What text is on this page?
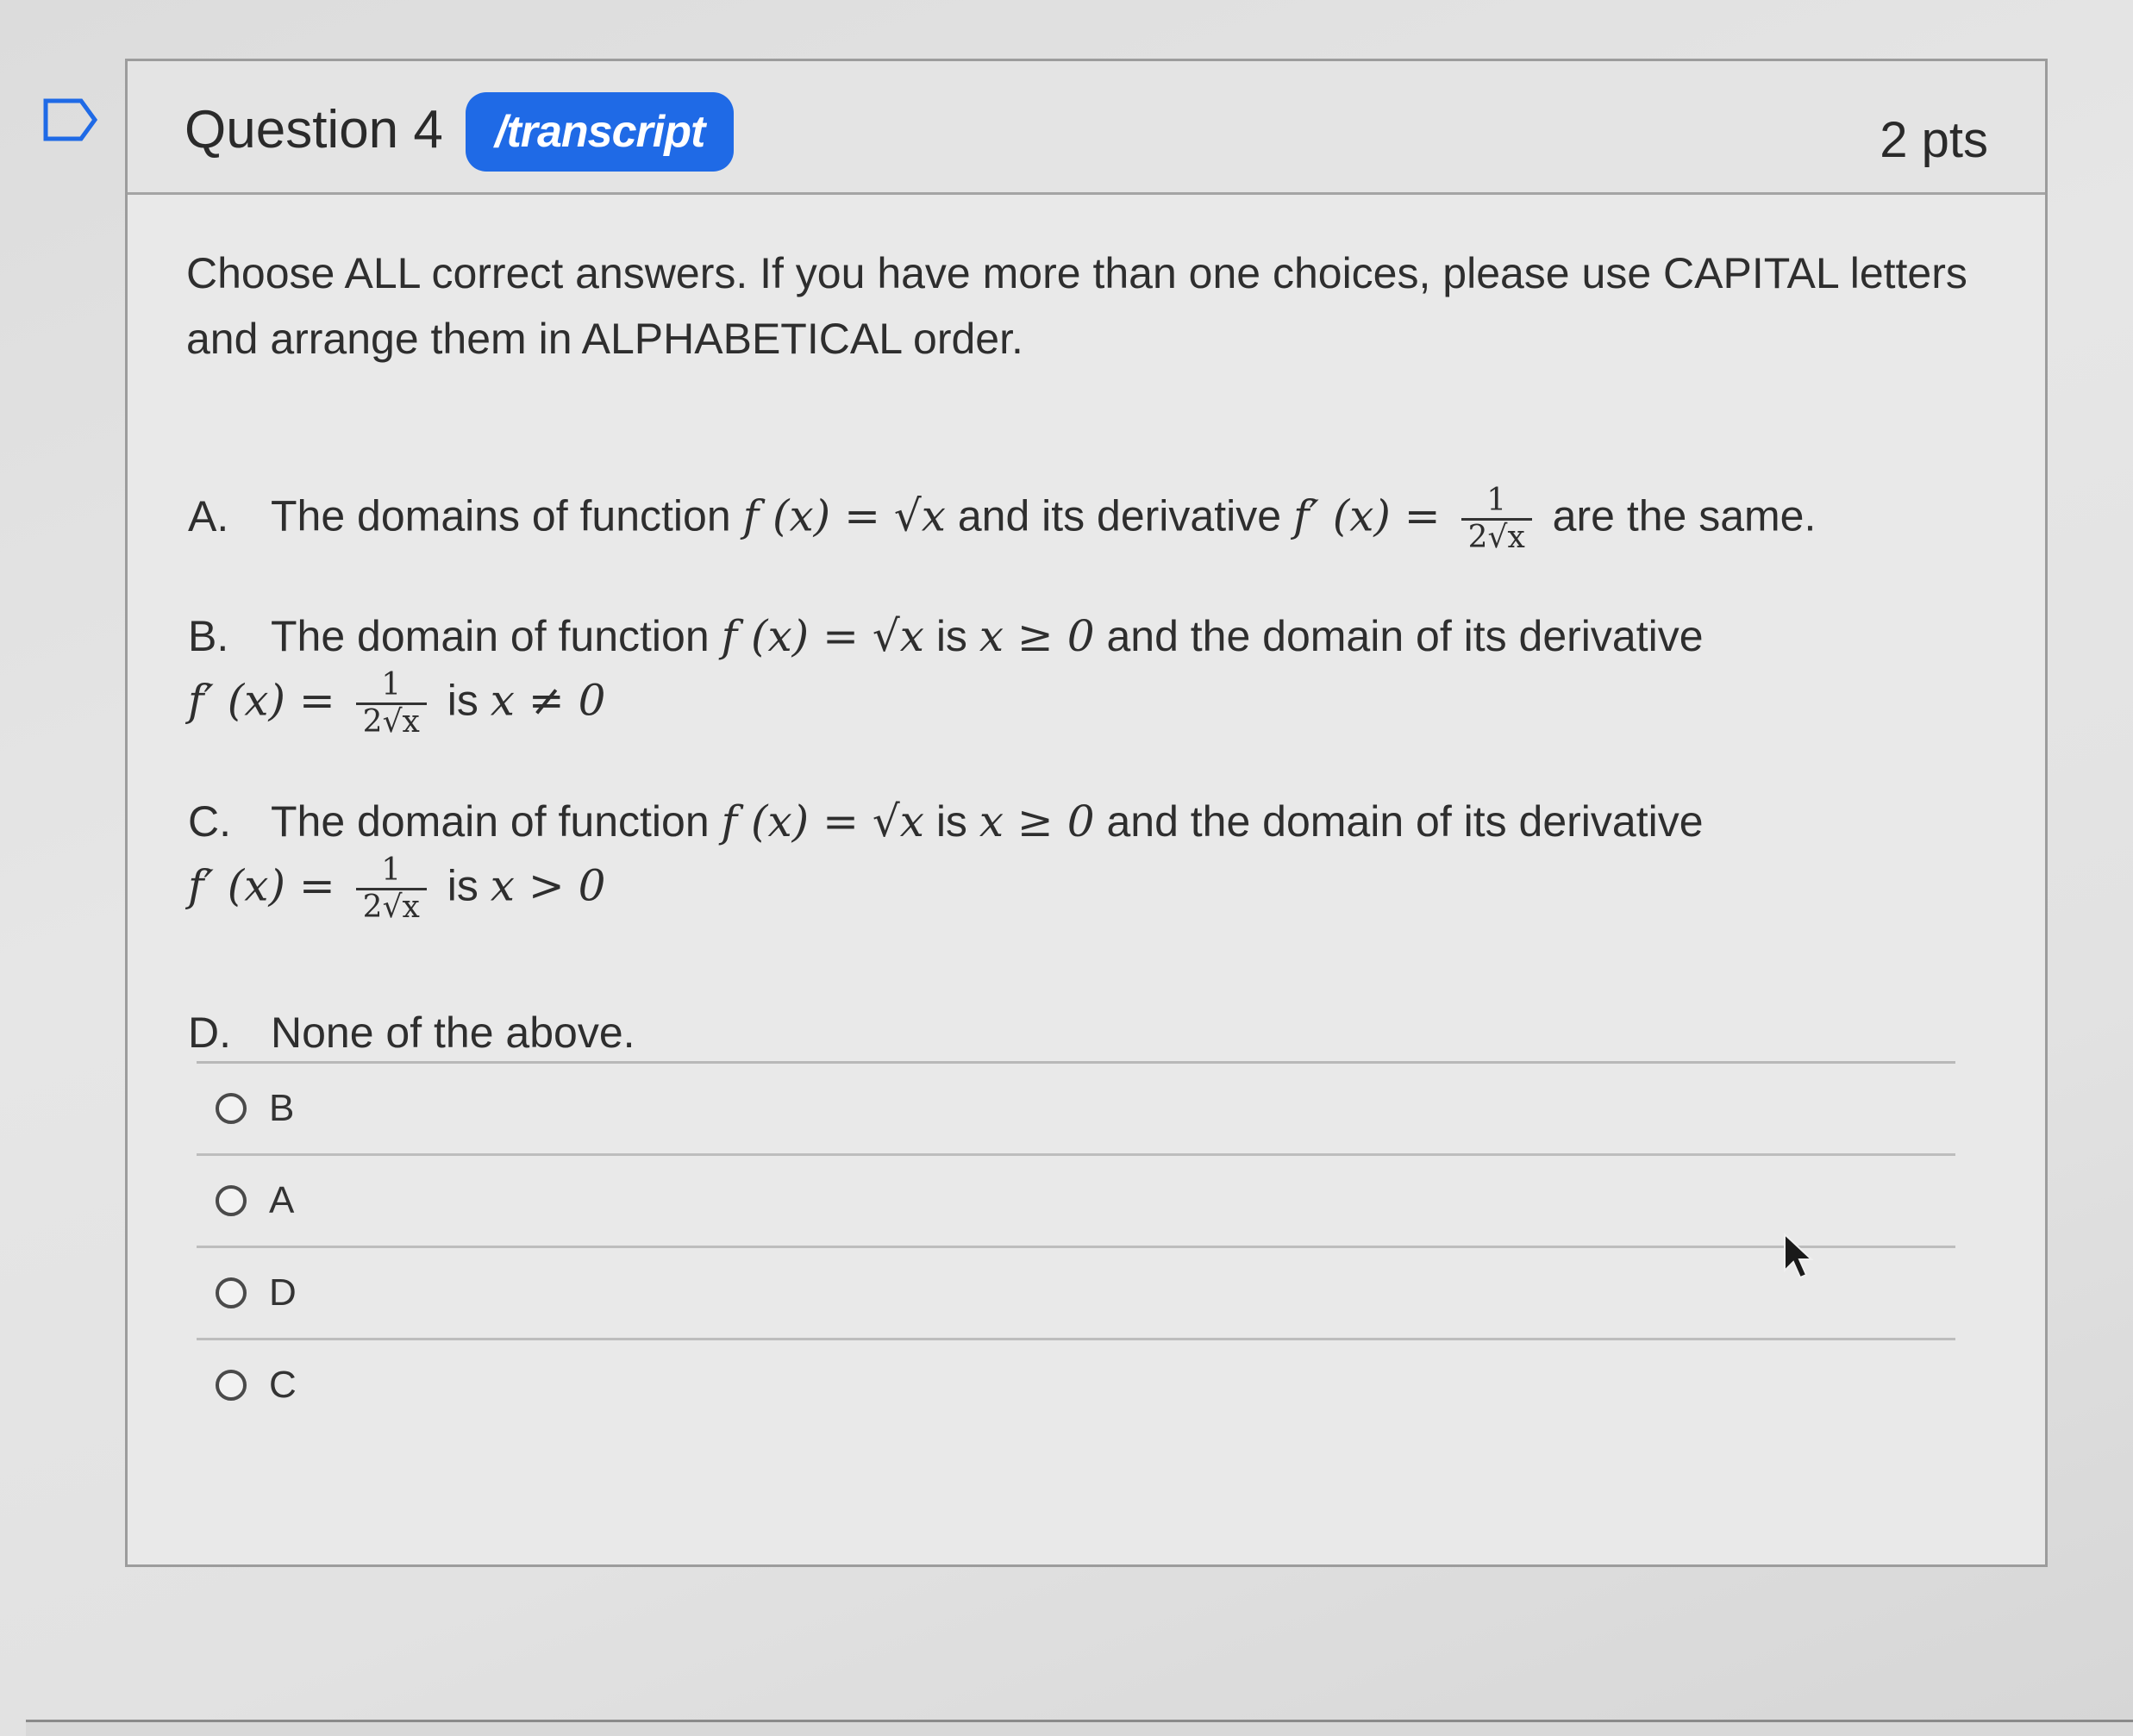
Question 4	/transcript	2 pts
Choose ALL correct answers. If you have more than one choices, please use CAPITAL letters and arrange them in ALPHABETICAL order.
A. The domains of function f (x) = √x and its derivative f′ $(x) = \frac{1}{2√x}$ are the same.
B. The domain of function f (x) = √x is x ≥ 0 and the domain of its derivative
f′ $(x) = \frac{1}{2√x}$ is x ≠ 0
C. The domain of function f (x) = √x is x ≥ 0 and the domain of its derivative
f′ $(x) = \frac{1}{2√x}$ is x > 0
D. None of the above.
B
A
D
C
